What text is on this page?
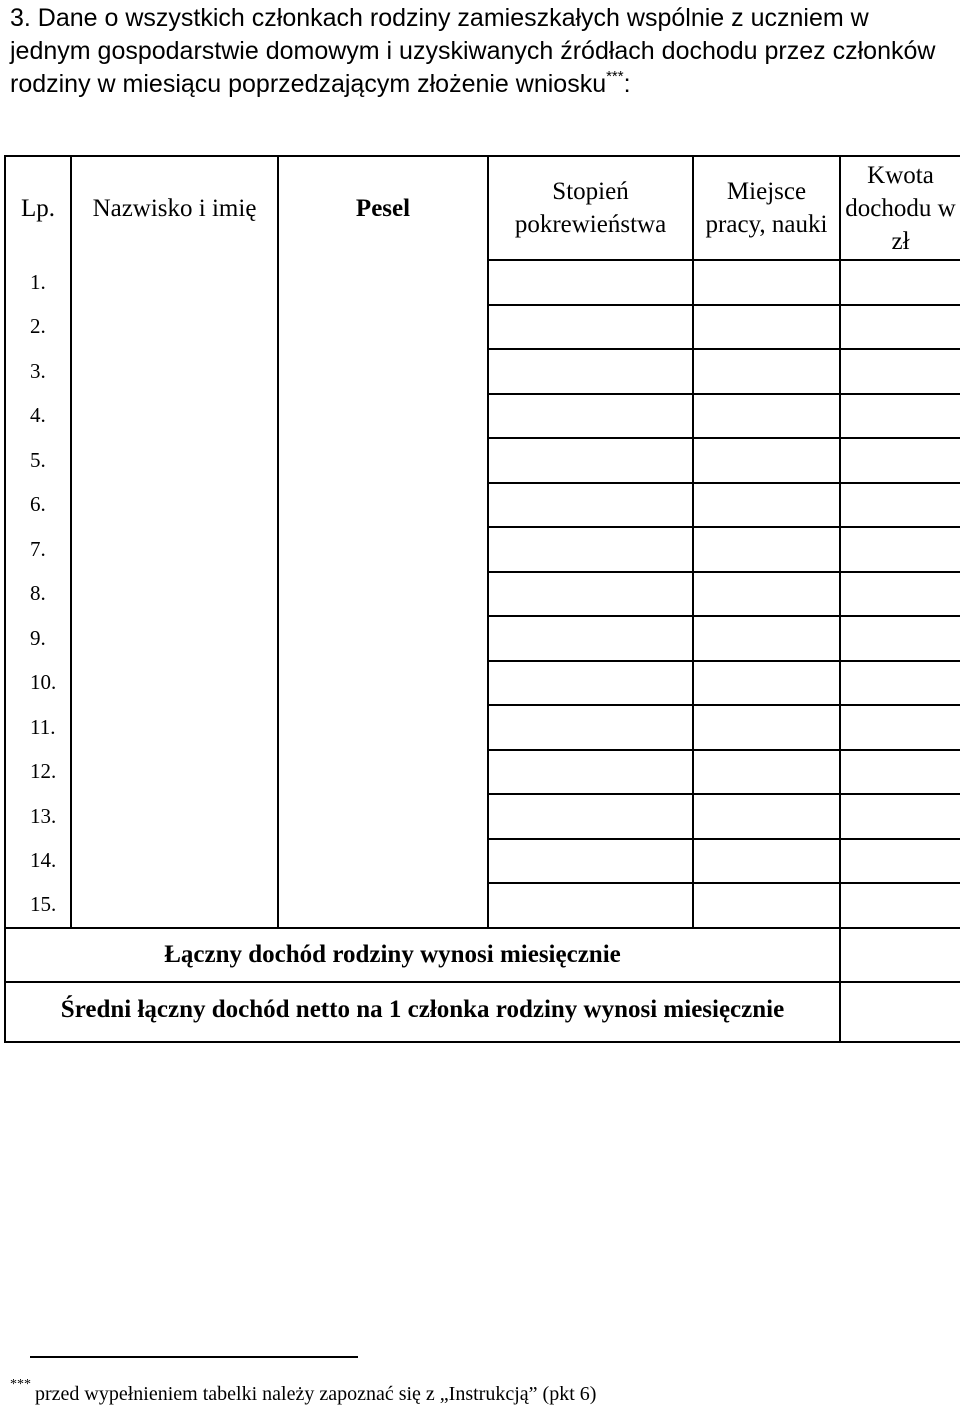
3. Dane o wszystkich członkach rodziny zamieszkałych wspólnie z uczniem w jednym gospodarstwie domowym i uzyskiwanych źródłach dochodu przez członków rodziny w miesiącu poprzedzającym złożenie wniosku***:
Lp.	Nazwisko i imię	Pesel	Stopień pokrewieństwa	Miejsce pracy, nauki	Kwota dochodu w zł
1.					
2.					
3.					
4.					
5.					
6.					
7.					
8.					
9.					
10.					
11.					
12.					
13.					
14.					
15.					
Łączny dochód rodziny wynosi miesięcznie					
Średni łączny dochód netto na 1 członka rodziny wynosi miesięcznie					
*** przed wypełnieniem tabelki należy zapoznać się z „Instrukcją” (pkt 6)
